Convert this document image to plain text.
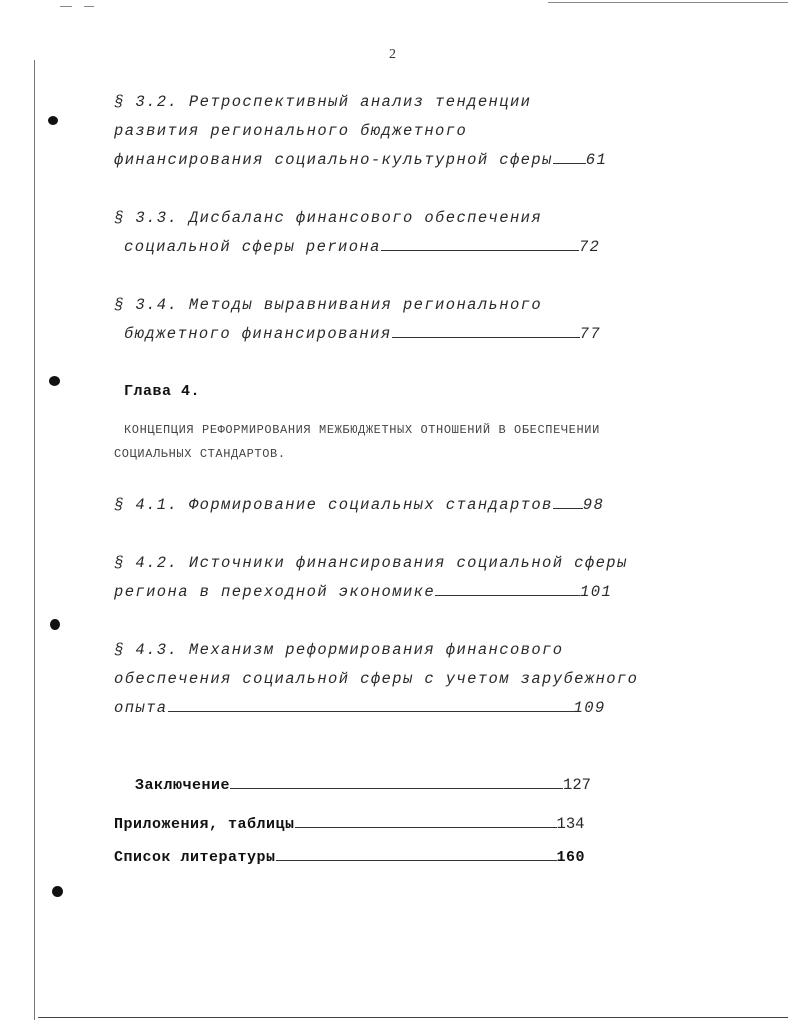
2
§ 3.2. Ретроспективный анализ тенденции
развития регионального бюджетного
финансирования социально-культурной сферы 61
§ 3.3. Дисбаланс финансового обеспечения
социальной сферы реrиона	72
§ 3.4. Методы выравнивания регионального
бюджетного финансирования	77
Глава 4.
КОНЦЕПЦИЯ РЕФОРМИРОВАНИЯ МЕЖБЮДЖЕТНЫХ ОТНОШЕНИЙ В ОБЕСПЕЧЕНИИ
СОЦИАЛЬНЫХ СТАНДАРТОВ.
§ 4.1. Формирование социальных стандартов 98
§ 4.2. Источники финансирования социальной сферы
региона в переходной экономике	101
§ 4.3. Механизм реформирования финансового
обеспечения социальной сферы с учетом зарубежного
опыта	109
Заключение	127
Приложения, таблицы	134
Список литературы	160
